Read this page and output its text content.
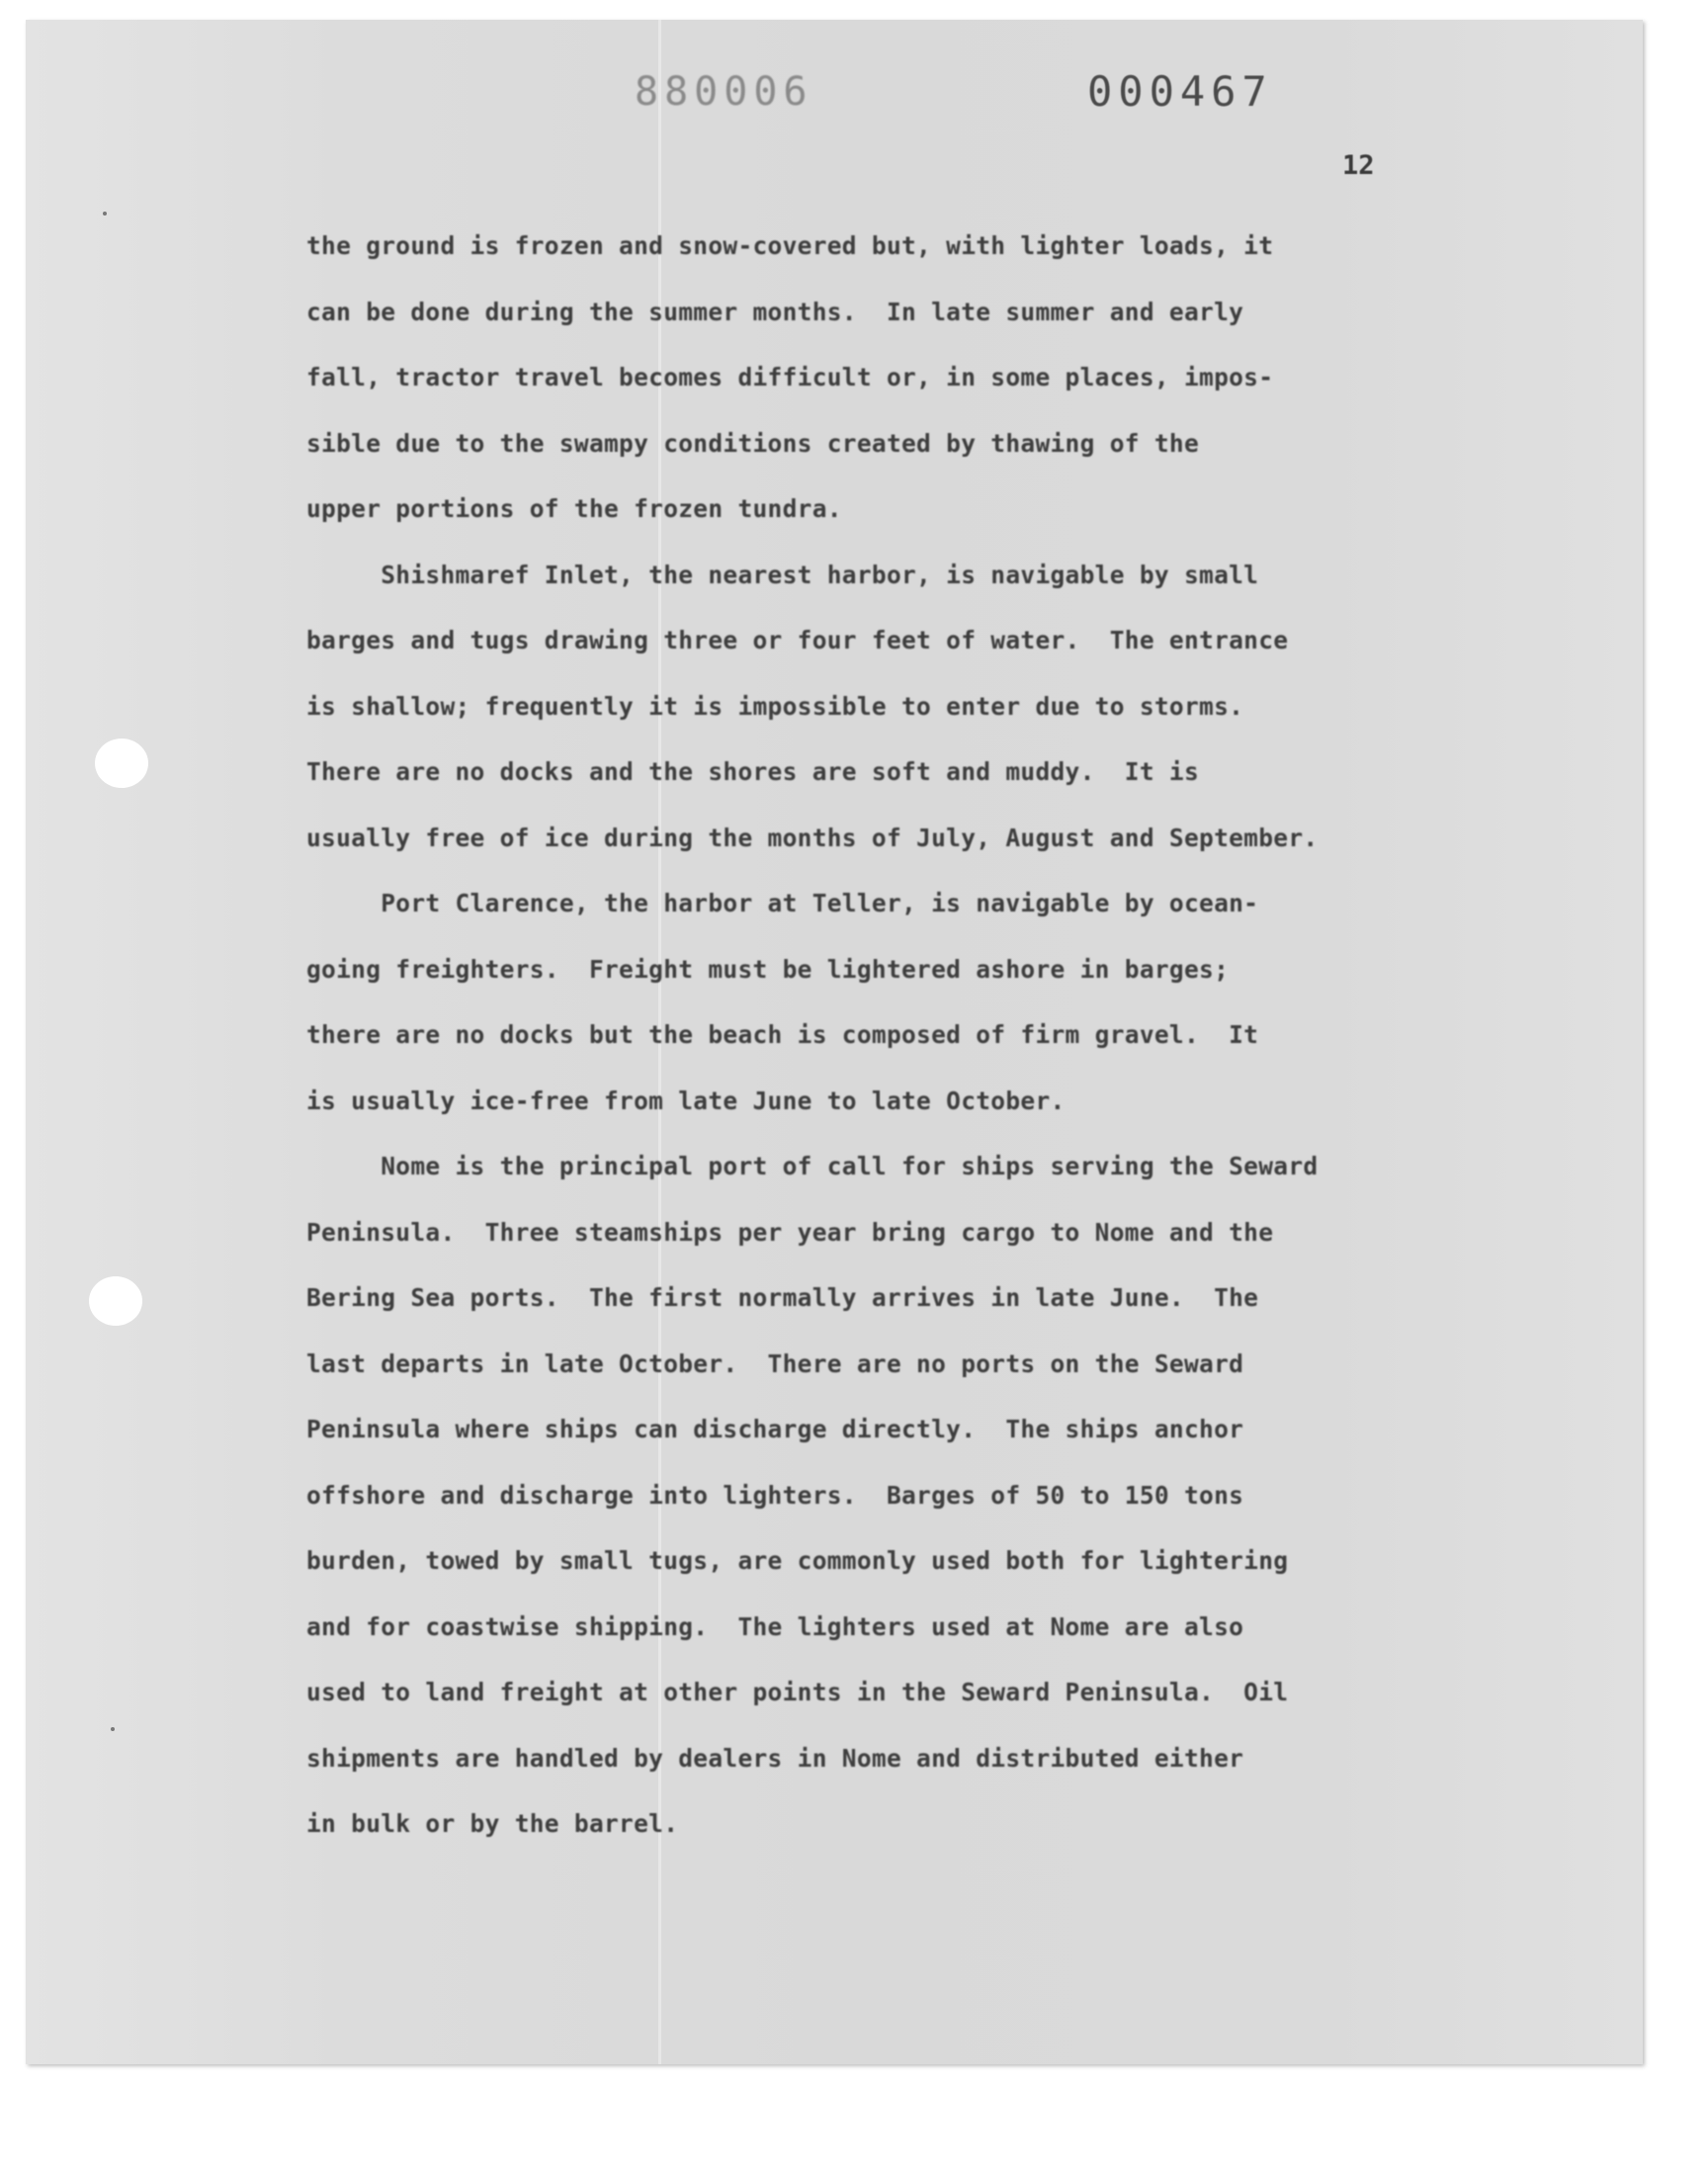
880006	000467
12
the ground is frozen and snow-covered but, with lighter loads, it
can be done during the summer months.  In late summer and early
fall, tractor travel becomes difficult or, in some places, impos-
sible due to the swampy conditions created by thawing of the
upper portions of the frozen tundra.
Shishmaref Inlet, the nearest harbor, is navigable by small
barges and tugs drawing three or four feet of water.  The entrance
is shallow; frequently it is impossible to enter due to storms.
There are no docks and the shores are soft and muddy.  It is
usually free of ice during the months of July, August and September.
Port Clarence, the harbor at Teller, is navigable by ocean-
going freighters.  Freight must be lightered ashore in barges;
there are no docks but the beach is composed of firm gravel.  It
is usually ice-free from late June to late October.
Nome is the principal port of call for ships serving the Seward
Peninsula.  Three steamships per year bring cargo to Nome and the
Bering Sea ports.  The first normally arrives in late June.  The
last departs in late October.  There are no ports on the Seward
Peninsula where ships can discharge directly.  The ships anchor
offshore and discharge into lighters.  Barges of 50 to 150 tons
burden, towed by small tugs, are commonly used both for lightering
and for coastwise shipping.  The lighters used at Nome are also
used to land freight at other points in the Seward Peninsula.  Oil
shipments are handled by dealers in Nome and distributed either
in bulk or by the barrel.
